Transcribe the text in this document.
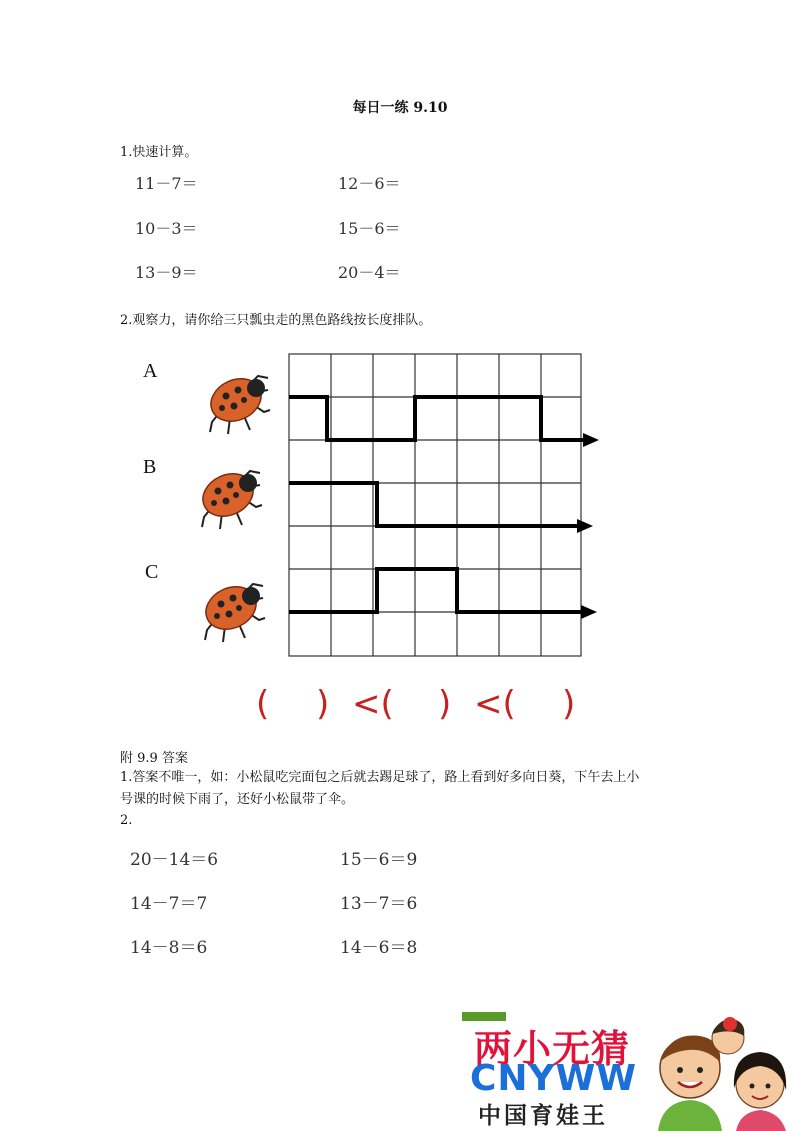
每日一练 9.10
1.快速计算。
11－7＝	12－6＝
10－3＝	15－6＝
13－9＝	20－4＝
2.观察力，请你给三只瓢虫走的黑色路线按长度排队。
A
B
C
( ) <( ) <( )
附 9.9 答案
1.答案不唯一，如：小松鼠吃完面包之后就去踢足球了，路上看到好多向日葵，下午去上小
号课的时候下雨了，还好小松鼠带了伞。
2.
20－14＝6	15－6＝9
14－7＝7	13－7＝6
14－8＝6	14－6＝8
两小无猜
CNYWW
中国育娃王
